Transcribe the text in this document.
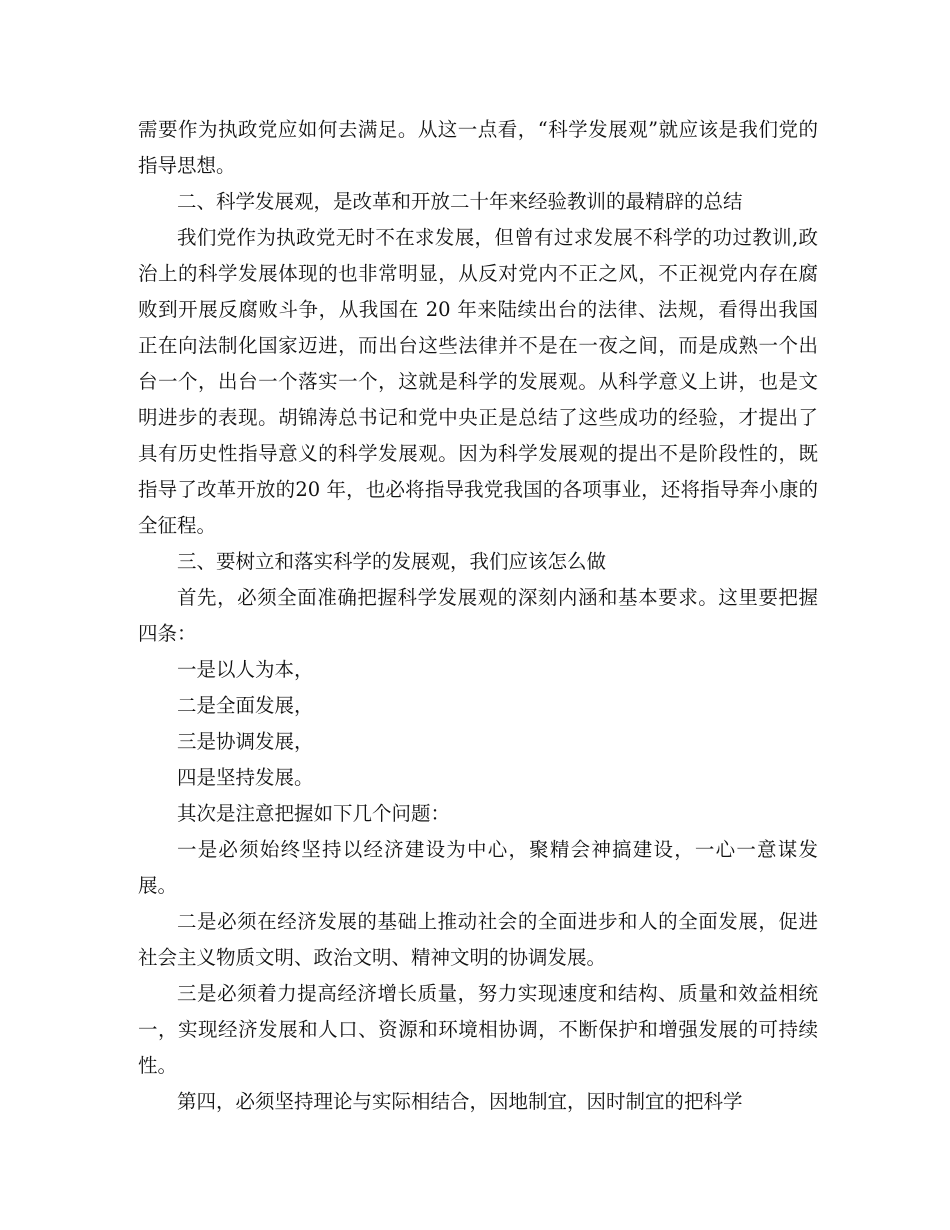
需要作为执政党应如何去满足。从这一点看，“科学发展观”就应该是我们党的指导思想。

二、科学发展观，是改革和开放二十年来经验教训的最精辟的总结

我们党作为执政党无时不在求发展，但曾有过求发展不科学的功过教训,政治上的科学发展体现的也非常明显，从反对党内不正之风，不正视党内存在腐败到开展反腐败斗争，从我国在 20 年来陆续出台的法律、法规，看得出我国正在向法制化国家迈进，而出台这些法律并不是在一夜之间，而是成熟一个出台一个，出台一个落实一个，这就是科学的发展观。从科学意义上讲，也是文明进步的表现。胡锦涛总书记和党中央正是总结了这些成功的经验，才提出了具有历史性指导意义的科学发展观。因为科学发展观的提出不是阶段性的，既指导了改革开放的20 年，也必将指导我党我国的各项事业，还将指导奔小康的全征程。

三、要树立和落实科学的发展观，我们应该怎么做

首先，必须全面准确把握科学发展观的深刻内涵和基本要求。这里要把握四条：

一是以人为本，

二是全面发展，

三是协调发展，

四是坚持发展。

其次是注意把握如下几个问题：

一是必须始终坚持以经济建设为中心，聚精会神搞建设，一心一意谋发展。

二是必须在经济发展的基础上推动社会的全面进步和人的全面发展，促进社会主义物质文明、政治文明、精神文明的协调发展。

三是必须着力提高经济增长质量，努力实现速度和结构、质量和效益相统一，实现经济发展和人口、资源和环境相协调，不断保护和增强发展的可持续性。

第四，必须坚持理论与实际相结合，因地制宜，因时制宜的把科学
